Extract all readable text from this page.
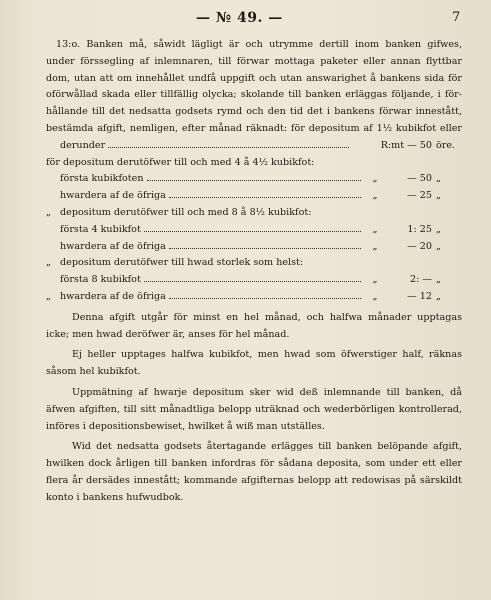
— № 49. —	7
13:o. Banken må, såwidt lägligt är och utrymme dertill inom banken gifwes,
under förssegling af inlemnaren, till förwar mottaga paketer eller annan flyttbar
dom, utan att om innehållet undfå uppgift och utan answarighet å bankens sida för
oförwållad skada eller tillfällig olycka; skolande till banken erläggas följande, i för-
hållande till det nedsatta godsets rymd och den tid det i bankens förwar innestått,
bestämda afgift, nemligen, efter månad räknadt: för depositum af 1½ kubikfot eller
derunder	R:mt — 50 öre.
för depositum derutöfwer till och med 4 å 4½ kubikfot:
första kubikfoten	„	— 50 „
hwardera af de öfriga	„	— 25 „
„ depositum derutöfwer till och med 8 å 8½ kubikfot:
första 4 kubikfot	„	1: 25 „
hwardera af de öfriga	„	— 20 „
„ depositum derutöfwer till hwad storlek som helst:
första 8 kubikfot	„	2: — „
„ hwardera af de öfriga	„	— 12 „
Denna afgift utgår för minst en hel månad, och halfwa månader upptagas
icke; men hwad deröfwer är, anses för hel månad.
Ej heller upptages halfwa kubikfot, men hwad som öfwerstiger half, räknas
såsom hel kubikfot.
Uppmätning af hwarje depositum sker wid deß inlemnande till banken, då
äfwen afgiften, till sitt månadtliga belopp uträknad och wederbörligen kontrollerad,
införes i depositionsbewiset, hwilket å wiß man utställes.
Wid det nedsatta godsets återtagande erlägges till banken belöpande afgift,
hwilken dock årligen till banken infordras för sådana deposita, som under ett eller
flera år dersädes innestått; kommande afgifternas belopp att redowisas på särskildt
konto i bankens hufwudbok.
